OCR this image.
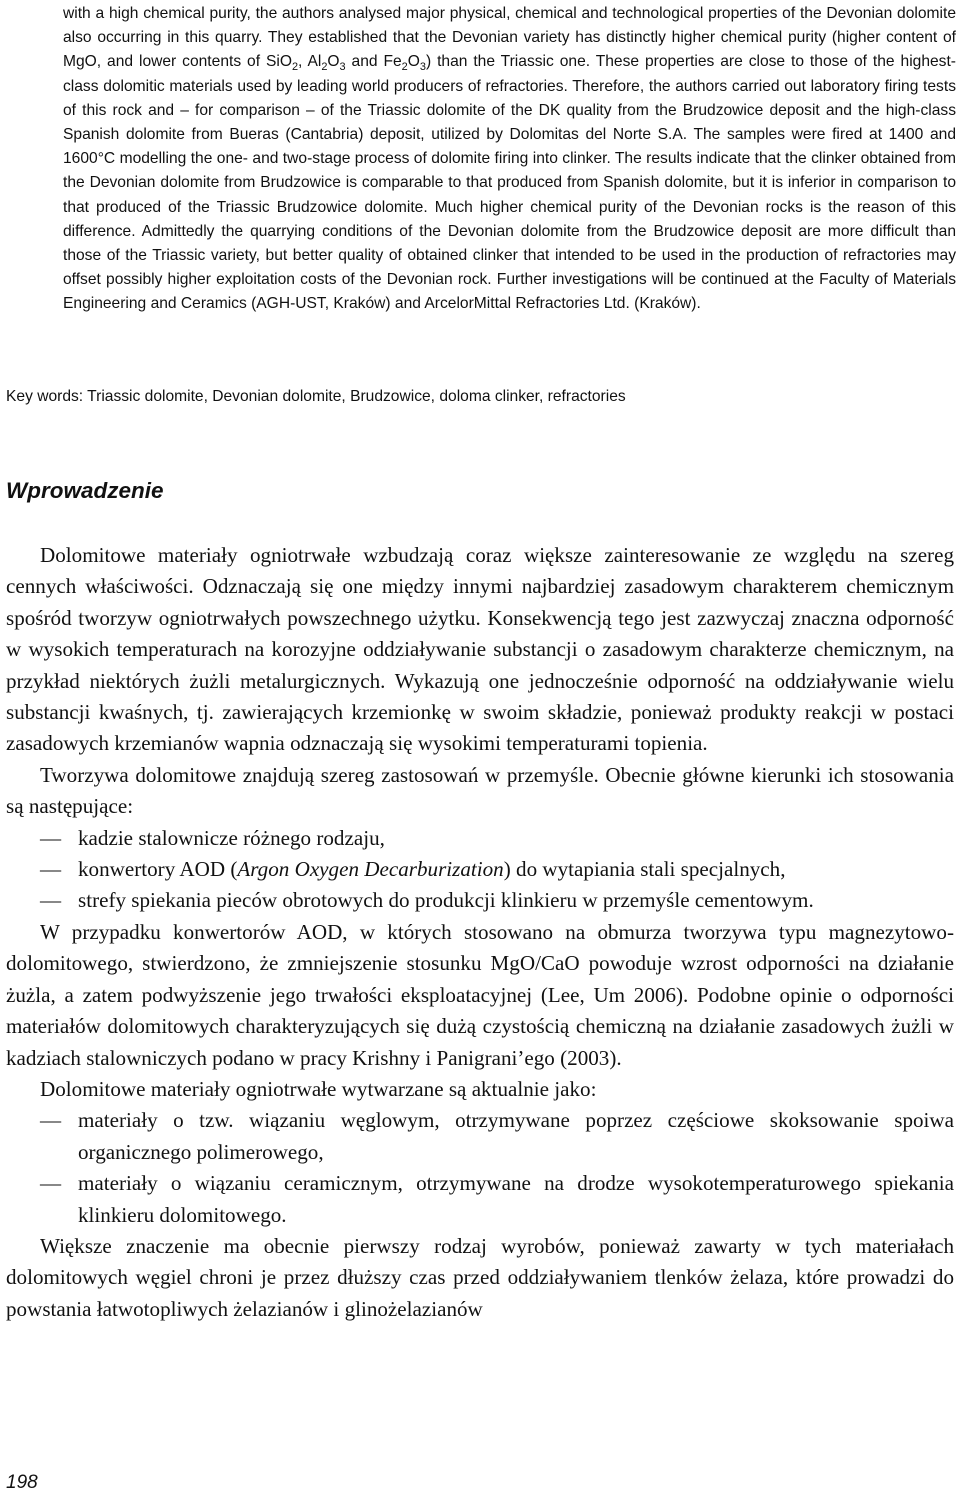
with a high chemical purity, the authors analysed major physical, chemical and technological properties of the Devonian dolomite also occurring in this quarry. They established that the Devonian variety has distinctly higher chemical purity (higher content of MgO, and lower contents of SiO$_2$, $Al_2O_3$ and $Fe_2O_3$) than the Triassic one. These properties are close to those of the highest-class dolomitic materials used by leading world producers of refractories. Therefore, the authors carried out laboratory firing tests of this rock and – for comparison – of the Triassic dolomite of the DK quality from the Brudzowice deposit and the high-class Spanish dolomite from Bueras (Cantabria) deposit, utilized by Dolomitas del Norte S.A. The samples were fired at 1400 and 1600°C modelling the one- and two-stage process of dolomite firing into clinker. The results indicate that the clinker obtained from the Devonian dolomite from Brudzowice is comparable to that produced from Spanish dolomite, but it is inferior in comparison to that produced of the Triassic Brudzowice dolomite. Much higher chemical purity of the Devonian rocks is the reason of this difference. Admittedly the quarrying conditions of the Devonian dolomite from the Brudzowice deposit are more difficult than those of the Triassic variety, but better quality of obtained clinker that intended to be used in the production of refractories may offset possibly higher exploitation costs of the Devonian rock. Further investigations will be continued at the Faculty of Materials Engineering and Ceramics (AGH-UST, Kraków) and ArcelorMittal Refractories Ltd. (Kraków).

Key words: Triassic dolomite, Devonian dolomite, Brudzowice, doloma clinker, refractories

Wprowadzenie

Dolomitowe materiały ogniotrwałe wzbudzają coraz większe zainteresowanie ze względu na szereg cennych właściwości. Odznaczają się one między innymi najbardziej zasadowym charakterem chemicznym spośród tworzyw ogniotrwałych powszechnego użytku. Konsekwencją tego jest zazwyczaj znaczna odporność w wysokich temperaturach na korozyjne oddziaływanie substancji o zasadowym charakterze chemicznym, na przykład niektórych żużli metalurgicznych. Wykazują one jednocześnie odporność na oddziaływanie wielu substancji kwaśnych, tj. zawierających krzemionkę w swoim składzie, ponieważ produkty reakcji w postaci zasadowych krzemianów wapnia odznaczają się wysokimi temperaturami topienia.

Tworzywa dolomitowe znajdują szereg zastosowań w przemyśle. Obecnie główne kierunki ich stosowania są następujące:

— kadzie stalownicze różnego rodzaju,
— konwertory AOD (Argon Oxygen Decarburization) do wytapiania stali specjalnych,
— strefy spiekania pieców obrotowych do produkcji klinkieru w przemyśle cementowym.

W przypadku konwertorów AOD, w których stosowano na obmurza tworzywa typu magnezytowo-dolomitowego, stwierdzono, że zmniejszenie stosunku MgO/CaO powoduje wzrost odporności na działanie żużla, a zatem podwyższenie jego trwałości eksploatacyjnej (Lee, Um 2006). Podobne opinie o odporności materiałów dolomitowych charakteryzujących się dużą czystością chemiczną na działanie zasadowych żużli w kadziach stalowniczych podano w pracy Krishny i Panigrani’ego (2003).

Dolomitowe materiały ogniotrwałe wytwarzane są aktualnie jako:

— materiały o tzw. wiązaniu węglowym, otrzymywane poprzez częściowe skoksowanie spoiwa organicznego polimerowego,
— materiały o wiązaniu ceramicznym, otrzymywane na drodze wysokotemperaturowego spiekania klinkieru dolomitowego.

Większe znaczenie ma obecnie pierwszy rodzaj wyrobów, ponieważ zawarty w tych materiałach dolomitowych węgiel chroni je przez dłuższy czas przed oddziaływaniem tlenków żelaza, które prowadzi do powstania łatwotopliwych żelazianów i glinożelazianów

198
